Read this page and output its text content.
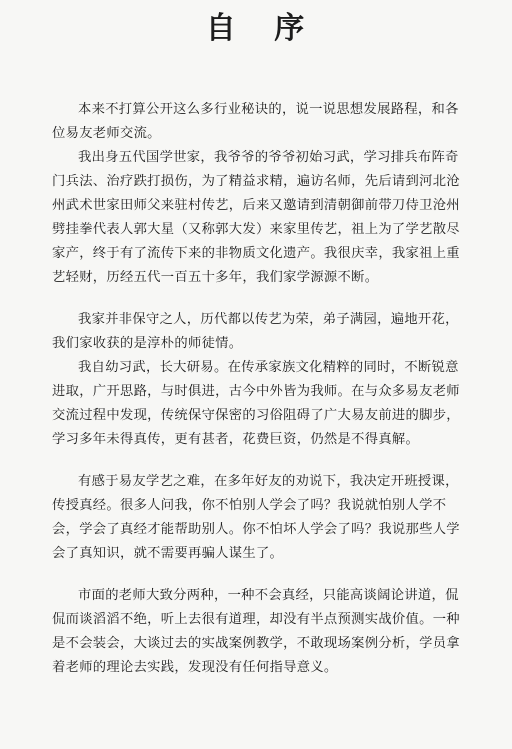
自 序

本来不打算公开这么多行业秘诀的，说一说思想发展路程，和各位易友老师交流。

我出身五代国学世家，我爷爷的爷爷初始习武，学习排兵布阵奇门兵法、治疗跌打损伤，为了精益求精，遍访名师，先后请到河北沧州武术世家田师父来驻村传艺，后来又邀请到清朝御前带刀侍卫沧州劈挂拳代表人郭大星（又称郭大发）来家里传艺，祖上为了学艺散尽家产，终于有了流传下来的非物质文化遗产。我很庆幸，我家祖上重艺轻财，历经五代一百五十多年，我们家学源源不断。

我家并非保守之人，历代都以传艺为荣，弟子满园，遍地开花，我们家收获的是淳朴的师徒情。

我自幼习武，长大研易。在传承家族文化精粹的同时，不断锐意进取，广开思路，与时俱进，古今中外皆为我师。在与众多易友老师交流过程中发现，传统保守保密的习俗阻碍了广大易友前进的脚步，学习多年未得真传，更有甚者，花费巨资，仍然是不得真解。

有感于易友学艺之难，在多年好友的劝说下，我决定开班授课，传授真经。很多人问我，你不怕别人学会了吗？我说就怕别人学不会，学会了真经才能帮助别人。你不怕坏人学会了吗？我说那些人学会了真知识，就不需要再骗人谋生了。

市面的老师大致分两种，一种不会真经，只能高谈阔论讲道，侃侃而谈滔滔不绝，听上去很有道理，却没有半点预测实战价值。一种是不会装会，大谈过去的实战案例教学，不敢现场案例分析，学员拿着老师的理论去实践，发现没有任何指导意义。
